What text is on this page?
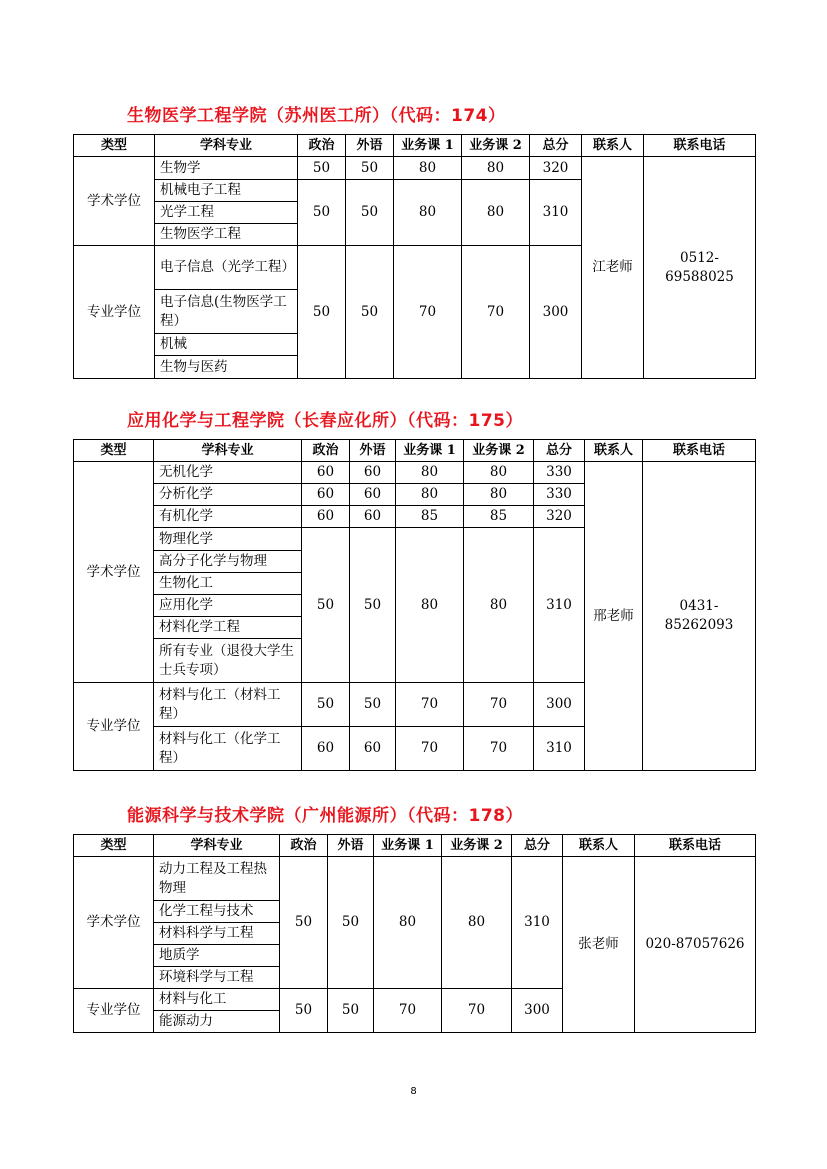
生物医学工程学院（苏州医工所）（代码：174）
类型	学科专业	政治	外语	业务课 1	业务课 2	总分	联系人	联系电话
学术学位	生物学	50	50	80	80	320	江老师	0512-69588025
	机械电子工程	50	50	80	80	310		
	光学工程							
	生物医学工程							
专业学位	电子信息（光学工程）	50	50	70	70	300		
	电子信息(生物医学工程）							
	机械							
	生物与医药							
应用化学与工程学院（长春应化所）（代码：175）
类型	学科专业	政治	外语	业务课 1	业务课 2	总分	联系人	联系电话
学术学位	无机化学	60	60	80	80	330	邢老师	0431-85262093
	分析化学	60	60	80	80	330		
	有机化学	60	60	85	85	320		
	物理化学	50	50	80	80	310		
	高分子化学与物理							
	生物化工							
	应用化学							
	材料化学工程							
	所有专业（退役大学生士兵专项）							
专业学位	材料与化工（材料工程）	50	50	70	70	300		
	材料与化工（化学工程）	60	60	70	70	310		
能源科学与技术学院（广州能源所）（代码：178）
类型	学科专业	政治	外语	业务课 1	业务课 2	总分	联系人	联系电话
学术学位	动力工程及工程热物理	50	50	80	80	310	张老师	020-87057626
	化学工程与技术							
	材料科学与工程							
	地质学							
	环境科学与工程							
专业学位	材料与化工	50	50	70	70	300		
	能源动力							
8
